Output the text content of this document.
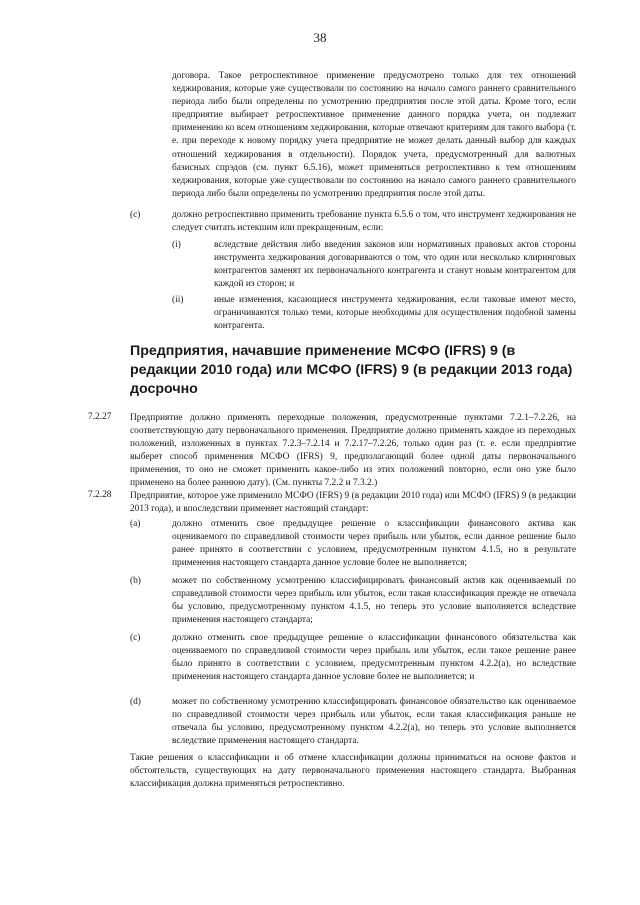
38
договора. Такое ретроспективное применение предусмотрено только для тех отношений хеджирования, которые уже существовали по состоянию на начало самого раннего сравнительного периода либо были определены по усмотрению предприятия после этой даты. Кроме того, если предприятие выбирает ретроспективное применение данного порядка учета, он подлежит применению ко всем отношениям хеджирования, которые отвечают критериям для такого выбора (т. е. при переходе к новому порядку учета предприятие не может делать данный выбор для каждых отношений хеджирования в отдельности). Порядок учета, предусмотренный для валютных базисных спрэдов (см. пункт 6.5.16), может применяться ретроспективно к тем отношениям хеджирования, которые уже существовали по состоянию на начало самого раннего сравнительного периода либо были определены по усмотрению предприятия после этой даты.
(c)	должно ретроспективно применить требование пункта 6.5.6 о том, что инструмент хеджирования не следует считать истекшим или прекращенным, если:
(i)	вследствие действия либо введения законов или нормативных правовых актов стороны инструмента хеджирования договариваются о том, что один или несколько клиринговых контрагентов заменят их первоначального контрагента и станут новым контрагентом для каждой из сторон; и
(ii)	иные изменения, касающиеся инструмента хеджирования, если таковые имеют место, ограничиваются только теми, которые необходимы для осуществления подобной замены контрагента.
Предприятия, начавшие применение МСФО (IFRS) 9 (в редакции 2010 года) или МСФО (IFRS) 9 (в редакции 2013 года) досрочно
7.2.27 Предприятие должно применять переходные положения, предусмотренные пунктами 7.2.1–7.2.26, на соответствующую дату первоначального применения. Предприятие должно применять каждое из переходных положений, изложенных в пунктах 7.2.3–7.2.14 и 7.2.17–7.2.26, только один раз (т. е. если предприятие выберет способ применения МСФО (IFRS) 9, предполагающий более одной даты первоначального применения, то оно не сможет применить какое-либо из этих положений повторно, если оно уже было применено на более раннюю дату). (См. пункты 7.2.2 и 7.3.2.)
7.2.28 Предприятие, которое уже применило МСФО (IFRS) 9 (в редакции 2010 года) или МСФО (IFRS) 9 (в редакции 2013 года), и впоследствии применяет настоящий стандарт:
(a)	должно отменить свое предыдущее решение о классификации финансового актива как оцениваемого по справедливой стоимости через прибыль или убыток, если данное решение было ранее принято в соответствии с условием, предусмотренным пунктом 4.1.5, но в результате применения настоящего стандарта данное условие более не выполняется;
(b)	может по собственному усмотрению классифицировать финансовый актив как оцениваемый по справедливой стоимости через прибыль или убыток, если такая классификация прежде не отвечала бы условию, предусмотренному пунктом 4.1.5, но теперь это условие выполняется вследствие применения настоящего стандарта;
(c)	должно отменить свое предыдущее решение о классификации финансового обязательства как оцениваемого по справедливой стоимости через прибыль или убыток, если такое решение ранее было принято в соответствии с условием, предусмотренным пунктом 4.2.2(a), но вследствие применения настоящего стандарта данное условие более не выполняется; и
(d)	может по собственному усмотрению классифицировать финансовое обязательство как оцениваемое по справедливой стоимости через прибыль или убыток, если такая классификация раньше не отвечала бы условию, предусмотренному пунктом 4.2.2(a), но теперь это условие выполняется вследствие применения настоящего стандарта.
Такие решения о классификации и об отмене классификации должны приниматься на основе фактов и обстоятельств, существующих на дату первоначального применения настоящего стандарта. Выбранная классификация должна применяться ретроспективно.
